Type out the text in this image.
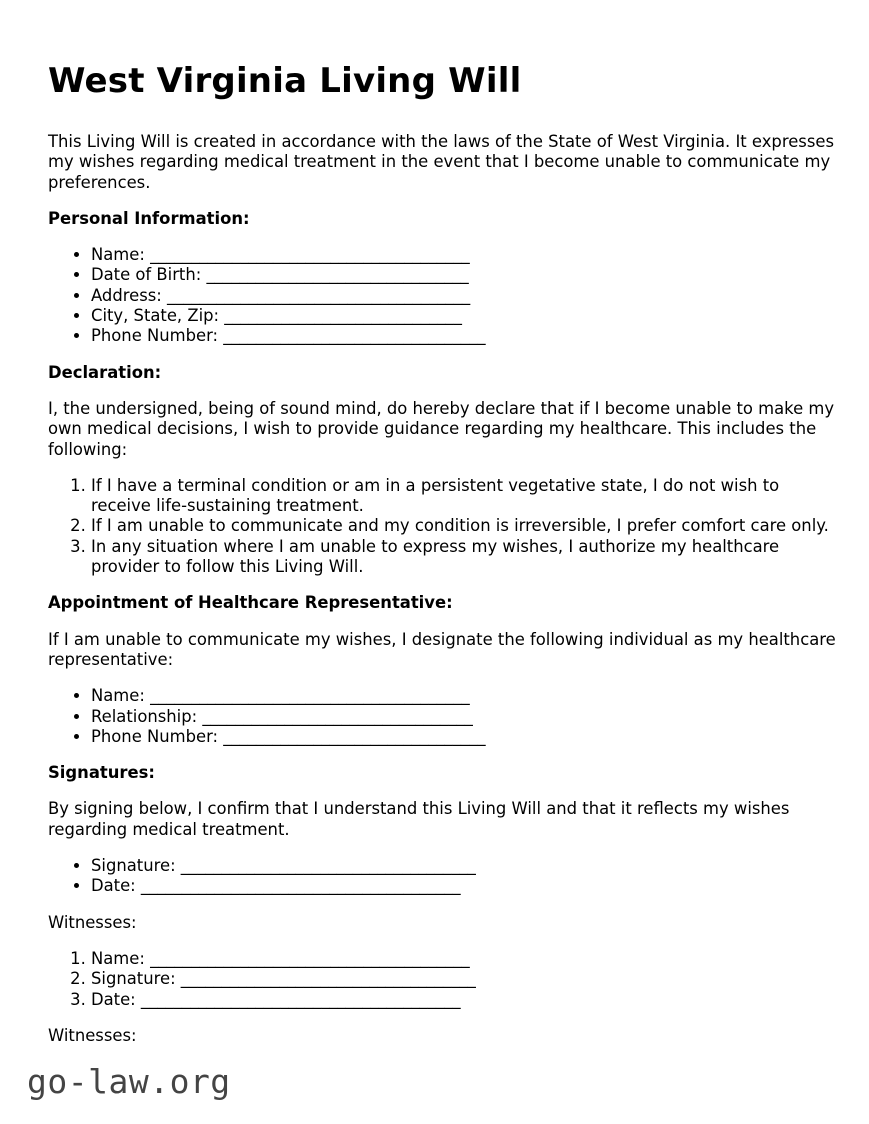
West Virginia Living Will

This Living Will is created in accordance with the laws of the State of West Virginia. It expresses my wishes regarding medical treatment in the event that I become unable to communicate my preferences.

Personal Information:
• Name: _______________________________________
• Date of Birth: ________________________________
• Address: _____________________________________
• City, State, Zip: _____________________________
• Phone Number: ________________________________
Declaration:

I, the undersigned, being of sound mind, do hereby declare that if I become unable to make my own medical decisions, I wish to provide guidance regarding my healthcare. This includes the following:

1. If I have a terminal condition or am in a persistent vegetative state, I do not wish to receive life-sustaining treatment.
2. If I am unable to communicate and my condition is irreversible, I prefer comfort care only.
3. In any situation where I am unable to express my wishes, I authorize my healthcare provider to follow this Living Will.
Appointment of Healthcare Representative:

If I am unable to communicate my wishes, I designate the following individual as my healthcare representative:

• Name: _______________________________________
• Relationship: _________________________________
• Phone Number: ________________________________
Signatures:

By signing below, I confirm that I understand this Living Will and that it reflects my wishes regarding medical treatment.

• Signature: ____________________________________
• Date: _______________________________________

Witnesses:

1. Name: _______________________________________
2. Signature: ____________________________________
3. Date: _______________________________________

Witnesses:

go-law.org
